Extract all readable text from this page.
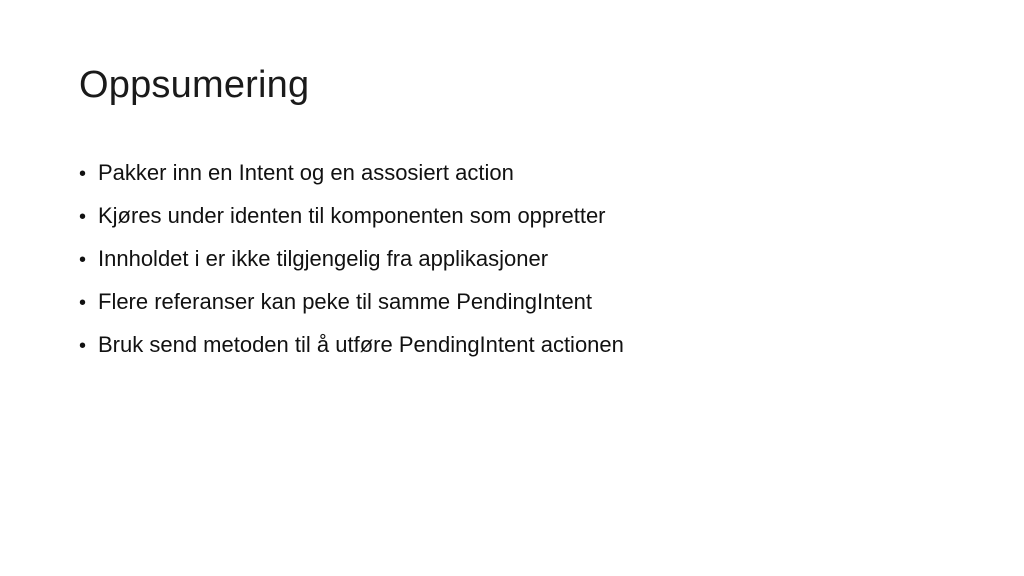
Oppsumering
• Pakker inn en Intent og en assosiert action
• Kjøres under identen til komponenten som oppretter
• Innholdet i er ikke tilgjengelig fra applikasjoner
• Flere referanser kan peke til samme PendingIntent
• Bruk send metoden til å utføre PendingIntent actionen
